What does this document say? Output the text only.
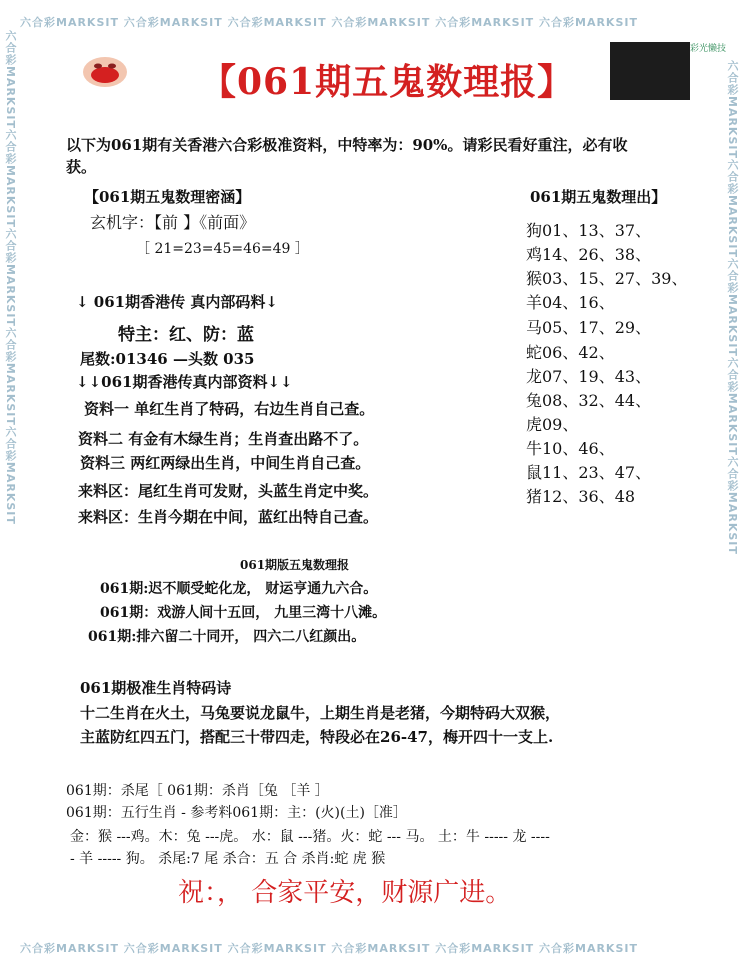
六合彩MARKSIT 六合彩MARKSIT 六合彩MARKSIT 六合彩MARKSIT 六合彩MARKSIT 六合彩MARKSIT
六合彩MARKSIT 六合彩MARKSIT 六合彩MARKSIT 六合彩MARKSIT 六合彩MARKSIT 六合彩MARKSIT
六合彩MARKSIT六合彩MARKSIT六合彩MARKSIT六合彩MARKSIT六合彩MARKSIT	六合彩MARKSIT六合彩MARKSIT六合彩MARKSIT六合彩MARKSIT六合彩MARKSIT
【061期五鬼数理报】
彩光懒技
以下为061期有关香港六合彩极准资料，中特率为：90%。请彩民看好重注，必有收
获。
【061期五鬼数理密涵】
玄机字：【前 】《前面》
［ 21=23=45=46=49 ］
↓ 061期香港传 真内部码料↓
特主：红、防：蓝
尾数:01346 —头数 035
↓↓061期香港传真内部资料↓↓
资料一 单红生肖了特码，右边生肖自己查。
资料二 有金有木绿生肖；生肖查出路不了。
资料三 两红两绿出生肖，中间生肖自己查。
来料区：尾红生肖可发财，头蓝生肖定中奖。
来料区：生肖今期在中间，蓝红出特自己查。
061期版五鬼数理报
061期:迟不顺受蛇化龙， 财运亨通九六合。
061期：戏游人间十五回， 九里三湾十八滩。
061期:排六留二十同开， 四六二八红颜出。
061期极准生肖特码诗
十二生肖在火土，马兔要说龙鼠牛，上期生肖是老猪，今期特码大双猴，
主蓝防红四五门，搭配三十带四走，特段必在26-47，梅开四十一支上.
061期：杀尾［ 061期：杀肖［兔 ［羊 ］
061期：五行生肖 - 参考料061期：主：(火)(土)［准］
金：猴 ---鸡。木：兔 ---虎。 水：鼠 ---猪。火：蛇 --- 马。 土：牛 ----- 龙 ----
- 羊 ----- 狗。 杀尾:7 尾 杀合：五 合 杀肖:蛇 虎 猴
祝：， 合家平安，财源广进。
061期五鬼数理出】
狗01、13、37、
鸡14、26、38、
猴03、15、27、39、
羊04、16、
马05、17、29、
蛇06、42、
龙07、19、43、
兔08、32、44、
虎09、
牛10、46、
鼠11、23、47、
猪12、36、48
